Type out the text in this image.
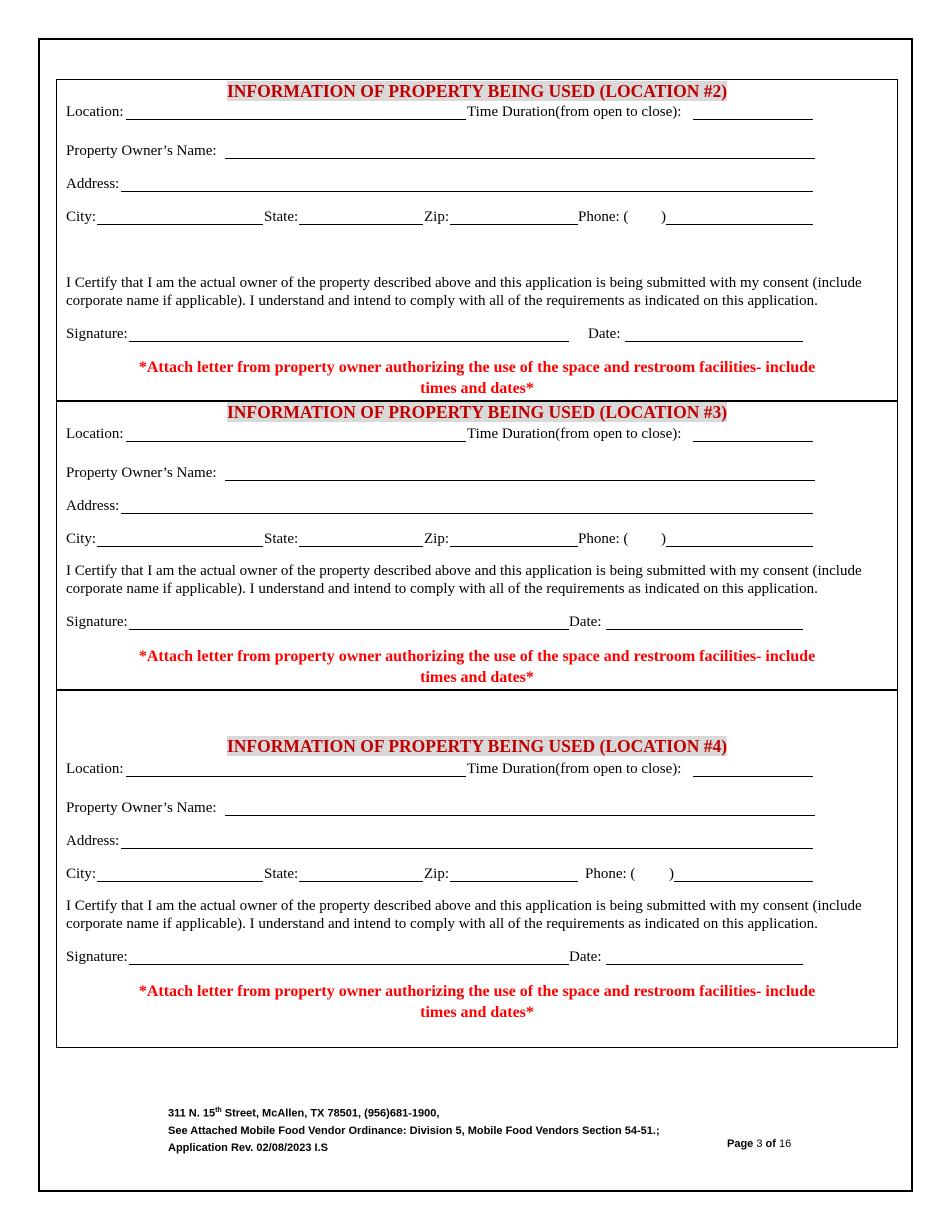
INFORMATION OF PROPERTY BEING USED (LOCATION #2)
Location:	Time Duration(from open to close):
Property Owner’s Name:
Address:
City:	State:	Zip:	Phone: ( )
I Certify that I am the actual owner of the property described above and this application is being submitted with my consent (include corporate name if applicable). I understand and intend to comply with all of the requirements as indicated on this application.
Signature:	Date:
*Attach letter from property owner authorizing the use of the space and restroom facilities- include
times and dates*
INFORMATION OF PROPERTY BEING USED (LOCATION #3)
Location:	Time Duration(from open to close):
Property Owner’s Name:
Address:
City:	State:	Zip:	Phone: ( )
I Certify that I am the actual owner of the property described above and this application is being submitted with my consent (include corporate name if applicable). I understand and intend to comply with all of the requirements as indicated on this application.
Signature:	Date:
*Attach letter from property owner authorizing the use of the space and restroom facilities- include
times and dates*
INFORMATION OF PROPERTY BEING USED (LOCATION #4)
Location:	Time Duration(from open to close):
Property Owner’s Name:
Address:
City:	State:	Zip:	Phone: ( )
I Certify that I am the actual owner of the property described above and this application is being submitted with my consent (include corporate name if applicable). I understand and intend to comply with all of the requirements as indicated on this application.
Signature:	Date:
*Attach letter from property owner authorizing the use of the space and restroom facilities- include
times and dates*
311 N. 15th Street, McAllen, TX 78501, (956)681-1900,
See Attached Mobile Food Vendor Ordinance: Division 5, Mobile Food Vendors Section 54-51.;
Application Rev. 02/08/2023 I.S	Page 3 of 16
